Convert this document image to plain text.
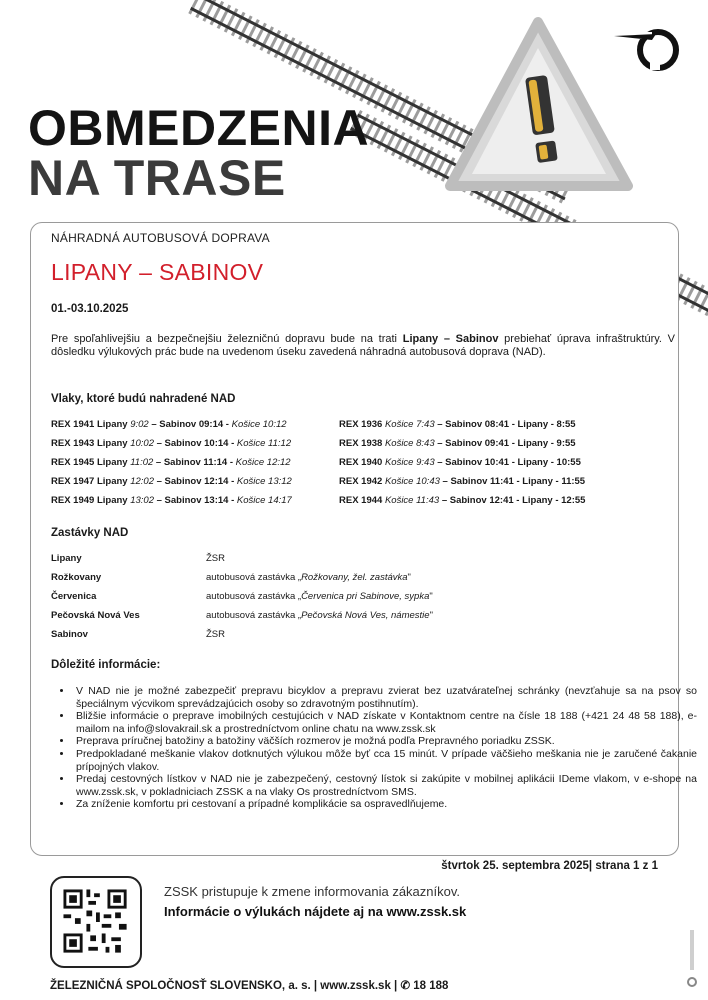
OBMEDZENIA
NA TRASE
NÁHRADNÁ AUTOBUSOVÁ DOPRAVA
LIPANY – SABINOV
01.-03.10.2025
Pre spoľahlivejšiu a bezpečnejšiu železničnú dopravu bude na trati Lipany – Sabinov prebiehať úprava infraštruktúry. V dôsledku výlukových prác bude na uvedenom úseku zavedená náhradná autobusová doprava (NAD).
Vlaky, ktoré budú nahradené NAD
REX 1941 Lipany 9:02 – Sabinov 09:14 - Košice 10:12
REX 1943 Lipany 10:02 – Sabinov 10:14 - Košice 11:12
REX 1945 Lipany 11:02 – Sabinov 11:14 - Košice 12:12
REX 1947 Lipany 12:02 – Sabinov 12:14 - Košice 13:12
REX 1949 Lipany 13:02 – Sabinov 13:14 - Košice 14:17
REX 1936 Košice 7:43 – Sabinov 08:41 - Lipany - 8:55
REX 1938 Košice 8:43 – Sabinov 09:41 - Lipany - 9:55
REX 1940 Košice 9:43 – Sabinov 10:41 - Lipany - 10:55
REX 1942 Košice 10:43 – Sabinov 11:41 - Lipany - 11:55
REX 1944 Košice 11:43 – Sabinov 12:41 - Lipany - 12:55
Zastávky NAD
Lipany	ŽSR
Rožkovany	autobusová zastávka „Rožkovany, žel. zastávka"
Červenica	autobusová zastávka „Červenica pri Sabinove, sypka"
Pečovská Nová Ves	autobusová zastávka „Pečovská Nová Ves, námestie"
Sabinov	ŽSR
Dôležité informácie:
• V NAD nie je možné zabezpečiť prepravu bicyklov a prepravu zvierat bez uzatvárateľnej schránky (nevzťahuje sa na psov so špeciálnym výcvikom sprevádzajúcich osoby so zdravotným postihnutím).
• Bližšie informácie o preprave imobilných cestujúcich v NAD získate v Kontaktnom centre na čísle 18 188 (+421 24 48 58 188), e-mailom na info@slovakrail.sk a prostredníctvom online chatu na www.zssk.sk
• Preprava príručnej batožiny a batožiny väčších rozmerov je možná podľa Prepravného poriadku ZSSK.
• Predpokladané meškanie vlakov dotknutých výlukou môže byť cca 15 minút. V prípade väčšieho meškania nie je zaručené čakanie prípojných vlakov.
• Predaj cestovných lístkov v NAD nie je zabezpečený, cestovný lístok si zakúpite v mobilnej aplikácii IDeme vlakom, v e-shope na www.zssk.sk, v pokladniciach ZSSK a na vlaky Os prostredníctvom SMS.
• Za zníženie komfortu pri cestovaní a prípadné komplikácie sa ospravedlňujeme.
štvrtok 25. septembra 2025| strana 1 z 1
ZSSK pristupuje k zmene informovania zákazníkov.
Informácie o výlukách nájdete aj na www.zssk.sk
ŽELEZNIČNÁ SPOLOČNOSŤ SLOVENSKO, a. s. | www.zssk.sk | ✆ 18 188
